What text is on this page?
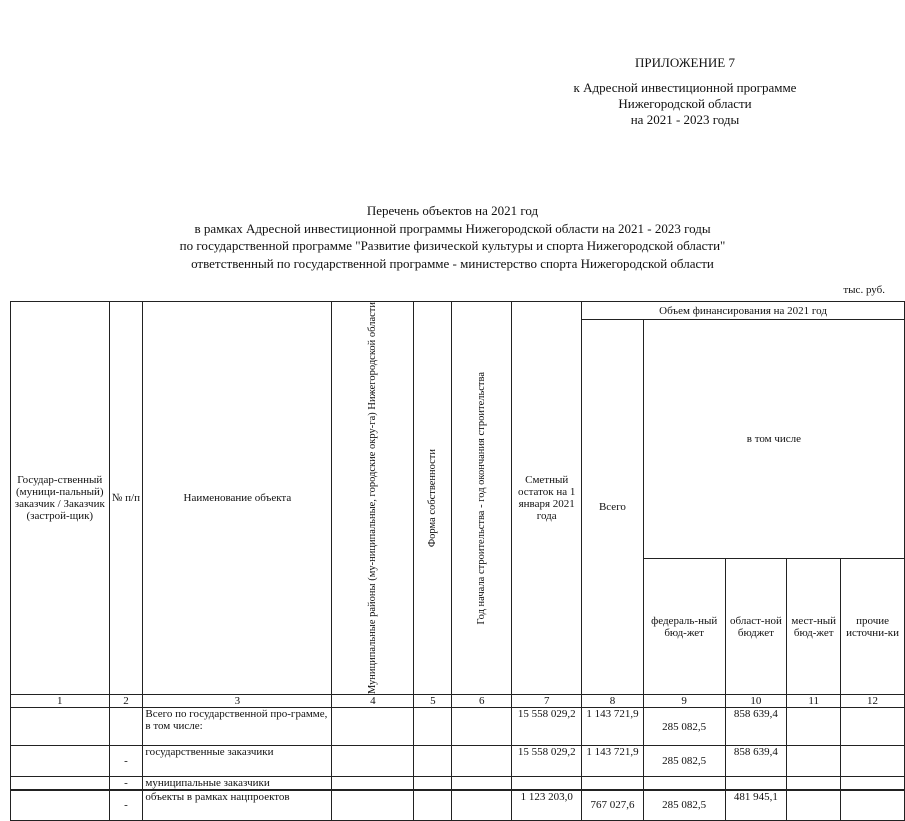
ПРИЛОЖЕНИЕ 7
к Адресной инвестиционной программе
Нижегородской области
на 2021 - 2023 годы
Перечень объектов на 2021 год
в рамках Адресной инвестиционной программы Нижегородской области на 2021 - 2023 годы
по государственной программе "Развитие физической культуры и спорта Нижегородской области"
ответственный по государственной программе - министерство спорта Нижегородской области
тыс. руб.
Государ-ственный (муници-пальный) заказчик / Заказчик (застрой-щик)	№ п/п	Наименование объекта	Муниципальные районы (му-ниципальные, городские окру-га) Нижегородской области	Форма собственности	Год начала строительства - год окончания строительства	Сметный остаток на 1 января 2021 года	Объем финансирования на 2021 год				
							Всего	в том числе			
								федераль-ный бюд-жет	област-ной бюджет	мест-ный бюд-жет	прочие источни-ки
1	2	3	4	5	6	7	8	9	10	11	12
		Всего по государственной про-грамме, в том числе:				15 558 029,2	1 143 721,9	285 082,5	858 639,4		
	-	государственные заказчики				15 558 029,2	1 143 721,9	285 082,5	858 639,4		
	-	муниципальные заказчики									
	-	объекты в рамках нацпроектов				1 123 203,0	767 027,6	285 082,5	481 945,1		
